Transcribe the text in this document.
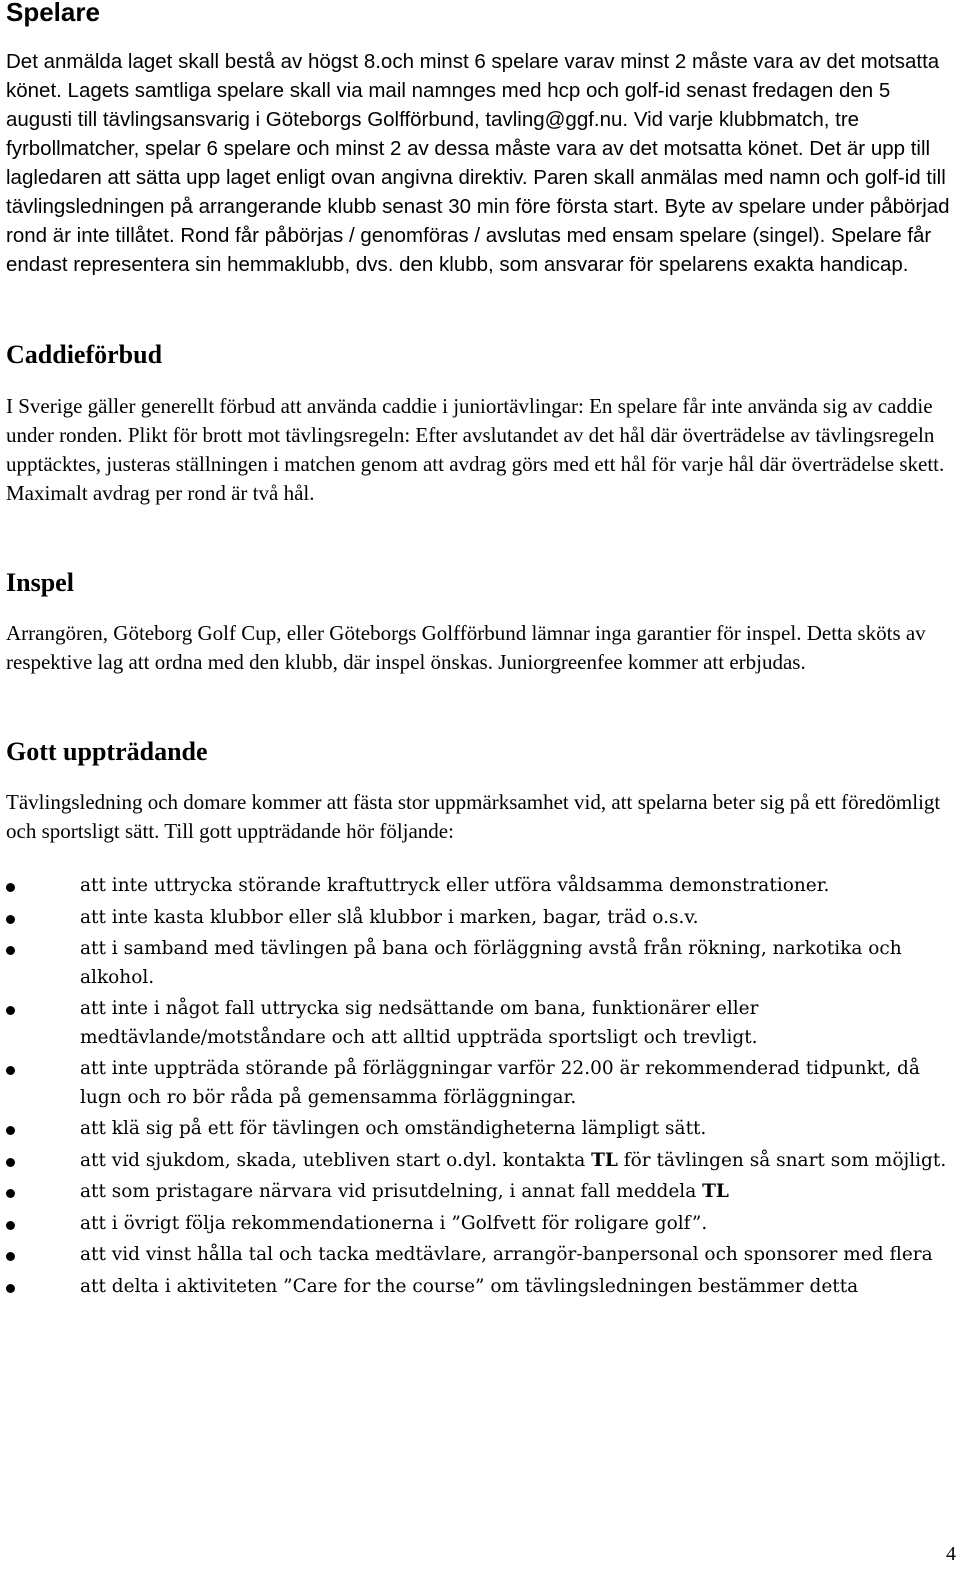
Spelare

Det anmälda laget skall bestå av högst 8.och minst 6 spelare varav minst 2 måste vara av det motsatta könet. Lagets samtliga spelare skall via mail namnges med hcp och golf-id senast fredagen den 5 augusti till tävlingsansvarig i Göteborgs Golfförbund, tavling@ggf.nu. Vid varje klubbmatch, tre fyrbollmatcher, spelar 6 spelare och minst 2 av dessa måste vara av det motsatta könet. Det är upp till lagledaren att sätta upp laget enligt ovan angivna direktiv. Paren skall anmälas med namn och golf-id till tävlingsledningen på arrangerande klubb senast 30 min före första start. Byte av spelare under påbörjad rond är inte tillåtet. Rond får påbörjas / genomföras / avslutas med ensam spelare (singel). Spelare får endast representera sin hemmaklubb, dvs. den klubb, som ansvarar för spelarens exakta handicap.

Caddieförbud

I Sverige gäller generellt förbud att använda caddie i juniortävlingar: En spelare får inte använda sig av caddie under ronden. Plikt för brott mot tävlingsregeln: Efter avslutandet av det hål där överträdelse av tävlingsregeln upptäcktes, justeras ställningen i matchen genom att avdrag görs med ett hål för varje hål där överträdelse skett. Maximalt avdrag per rond är två hål.

Inspel

Arrangören, Göteborg Golf Cup, eller Göteborgs Golfförbund lämnar inga garantier för inspel. Detta sköts av respektive lag att ordna med den klubb, där inspel önskas. Juniorgreenfee kommer att erbjudas.

Gott uppträdande

Tävlingsledning och domare kommer att fästa stor uppmärksamhet vid, att spelarna beter sig på ett föredömligt och sportsligt sätt. Till gott uppträdande hör följande:

att inte uttrycka störande kraftuttryck eller utföra våldsamma demonstrationer.
att inte kasta klubbor eller slå klubbor i marken, bagar, träd o.s.v.
att i samband med tävlingen på bana och förläggning avstå från rökning, narkotika och alkohol.
att inte i något fall uttrycka sig nedsättande om bana, funktionärer eller medtävlande/motståndare och att alltid uppträda sportsligt och trevligt.
att inte uppträda störande på förläggningar varför 22.00 är rekommenderad tidpunkt, då lugn och ro bör råda på gemensamma förläggningar.
att klä sig på ett för tävlingen och omständigheterna lämpligt sätt.
att vid sjukdom, skada, utebliven start o.dyl. kontakta TL för tävlingen så snart som möjligt.
att som pristagare närvara vid prisutdelning, i annat fall meddela TL
att i övrigt följa rekommendationerna i ”Golfvett för roligare golf”.
att vid vinst hålla tal och tacka medtävlare, arrangör-banpersonal och sponsorer med flera
att delta i aktiviteten ”Care for the course” om tävlingsledningen bestämmer detta
4
